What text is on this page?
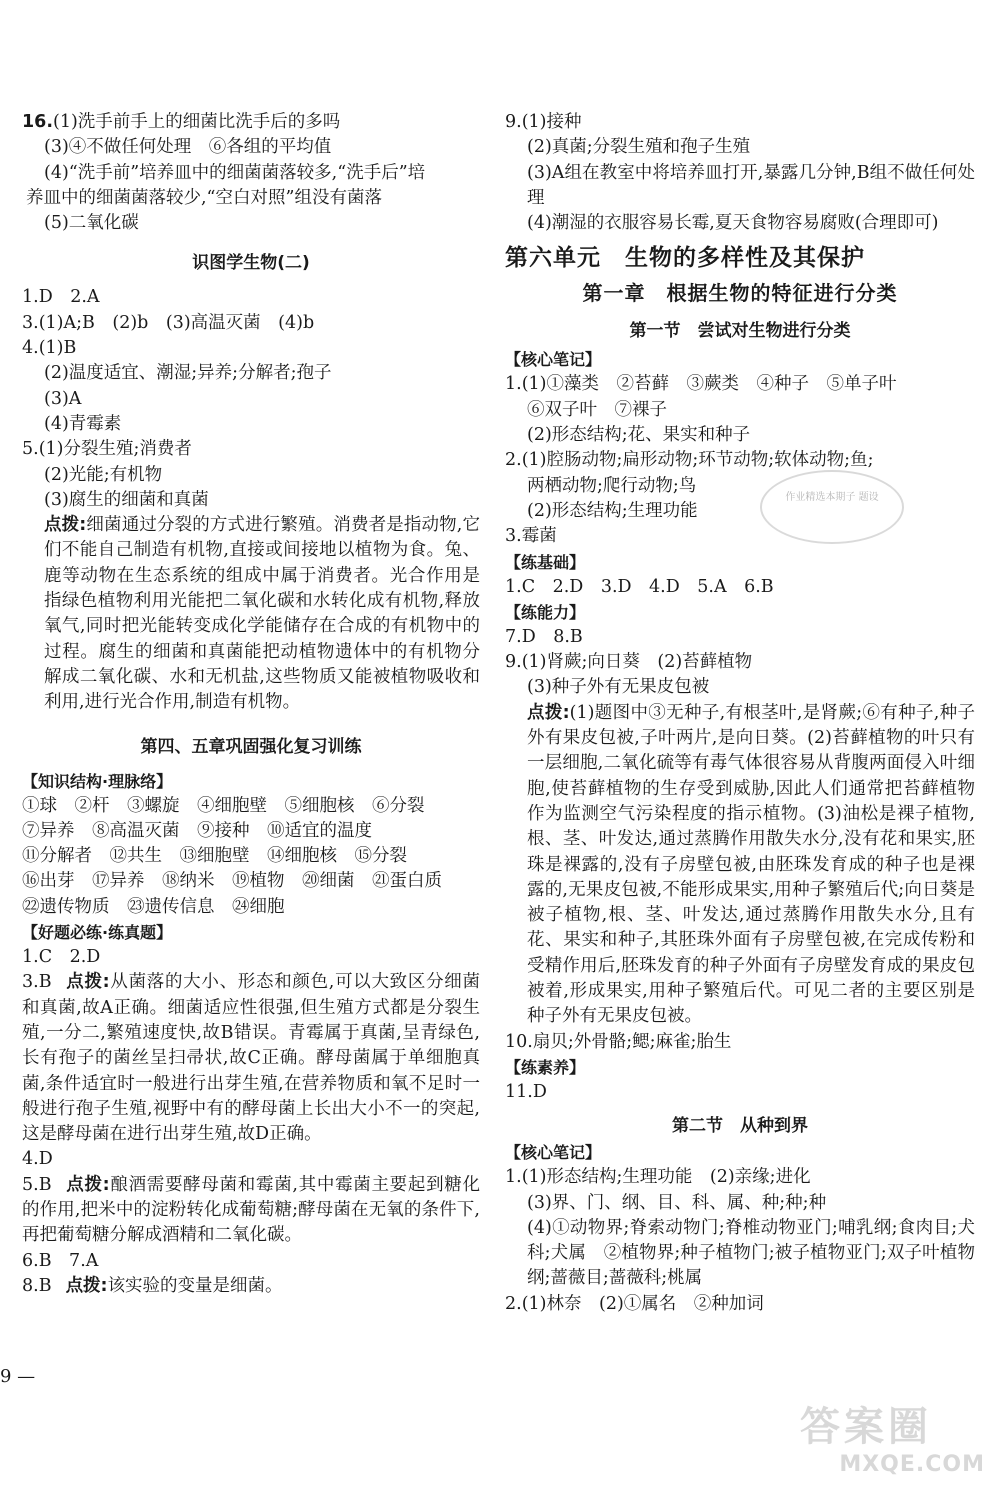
16.(1)洗手前手上的细菌比洗手后的多吗
(3)④不做任何处理　⑥各组的平均值
(4)“洗手前”培养皿中的细菌菌落较多,“洗手后”培
养皿中的细菌菌落较少,“空白对照”组没有菌落
(5)二氧化碳
识图学生物(二)
1.D　2.A
3.(1)A;B　(2)b　(3)高温灭菌　(4)b
4.(1)B
(2)温度适宜、潮湿;异养;分解者;孢子
(3)A
(4)青霉素
5.(1)分裂生殖;消费者
(2)光能;有机物
(3)腐生的细菌和真菌
点拨:细菌通过分裂的方式进行繁殖。消费者是指动物,它们不能自己制造有机物,直接或间接地以植物为食。兔、鹿等动物在生态系统的组成中属于消费者。光合作用是指绿色植物利用光能把二氧化碳和水转化成有机物,释放氧气,同时把光能转变成化学能储存在合成的有机物中的过程。腐生的细菌和真菌能把动植物遗体中的有机物分解成二氧化碳、水和无机盐,这些物质又能被植物吸收和利用,进行光合作用,制造有机物。
第四、五章巩固强化复习训练
【知识结构·理脉络】
①球　②杆　③螺旋　④细胞壁　⑤细胞核　⑥分裂
⑦异养　⑧高温灭菌　⑨接种　⑩适宜的温度
⑪分解者　⑫共生　⑬细胞壁　⑭细胞核　⑮分裂
⑯出芽　⑰异养　⑱纳米　⑲植物　⑳细菌　㉑蛋白质
㉒遗传物质　㉓遗传信息　㉔细胞
【好题必练·练真题】
1.C　2.D
3.B 点拨:从菌落的大小、形态和颜色,可以大致区分细菌和真菌,故A正确。细菌适应性很强,但生殖方式都是分裂生殖,一分二,繁殖速度快,故B错误。青霉属于真菌,呈青绿色,长有孢子的菌丝呈扫帚状,故C正确。酵母菌属于单细胞真菌,条件适宜时一般进行出芽生殖,在营养物质和氧不足时一般进行孢子生殖,视野中有的酵母菌上长出大小不一的突起,这是酵母菌在进行出芽生殖,故D正确。
4.D
5.B 点拨:酿酒需要酵母菌和霉菌,其中霉菌主要起到糖化的作用,把米中的淀粉转化成葡萄糖;酵母菌在无氧的条件下,再把葡萄糖分解成酒精和二氧化碳。
6.B　7.A
8.B 点拨:该实验的变量是细菌。
9 —
9.(1)接种
(2)真菌;分裂生殖和孢子生殖
(3)A组在教室中将培养皿打开,暴露几分钟,B组不做任何处理
(4)潮湿的衣服容易长霉,夏天食物容易腐败(合理即可)
第六单元　生物的多样性及其保护
第一章　根据生物的特征进行分类
第一节　尝试对生物进行分类
【核心笔记】
1.(1)①藻类　②苔藓　③蕨类　④种子　⑤单子叶
⑥双子叶　⑦裸子
(2)形态结构;花、果实和种子
2.(1)腔肠动物;扁形动物;环节动物;软体动物;鱼;
两栖动物;爬行动物;鸟
(2)形态结构;生理功能
3.霉菌
【练基础】
1.C　2.D　3.D　4.D　5.A　6.B
【练能力】
7.D　8.B
9.(1)肾蕨;向日葵　(2)苔藓植物
(3)种子外有无果皮包被
点拨:(1)题图中③无种子,有根茎叶,是肾蕨;⑥有种子,种子外有果皮包被,子叶两片,是向日葵。(2)苔藓植物的叶只有一层细胞,二氧化硫等有毒气体很容易从背腹两面侵入叶细胞,使苔藓植物的生存受到威胁,因此人们通常把苔藓植物作为监测空气污染程度的指示植物。(3)油松是裸子植物,根、茎、叶发达,通过蒸腾作用散失水分,没有花和果实,胚珠是裸露的,没有子房壁包被,由胚珠发育成的种子也是裸露的,无果皮包被,不能形成果实,用种子繁殖后代;向日葵是被子植物,根、茎、叶发达,通过蒸腾作用散失水分,且有花、果实和种子,其胚珠外面有子房壁包被,在完成传粉和受精作用后,胚珠发育的种子外面有子房壁发育成的果皮包被着,形成果实,用种子繁殖后代。可见二者的主要区别是种子外有无果皮包被。
10.扇贝;外骨骼;鳃;麻雀;胎生
【练素养】
11.D
第二节　从种到界
【核心笔记】
1.(1)形态结构;生理功能　(2)亲缘;进化
(3)界、门、纲、目、科、属、种;种;种
(4)①动物界;脊索动物门;脊椎动物亚门;哺乳纲;食肉目;犬科;犬属　②植物界;种子植物门;被子植物亚门;双子叶植物纲;蔷薇目;蔷薇科;桃属
2.(1)林奈　(2)①属名　②种加词
作业精选本期子 题设
答案圈
MXQE.COM
